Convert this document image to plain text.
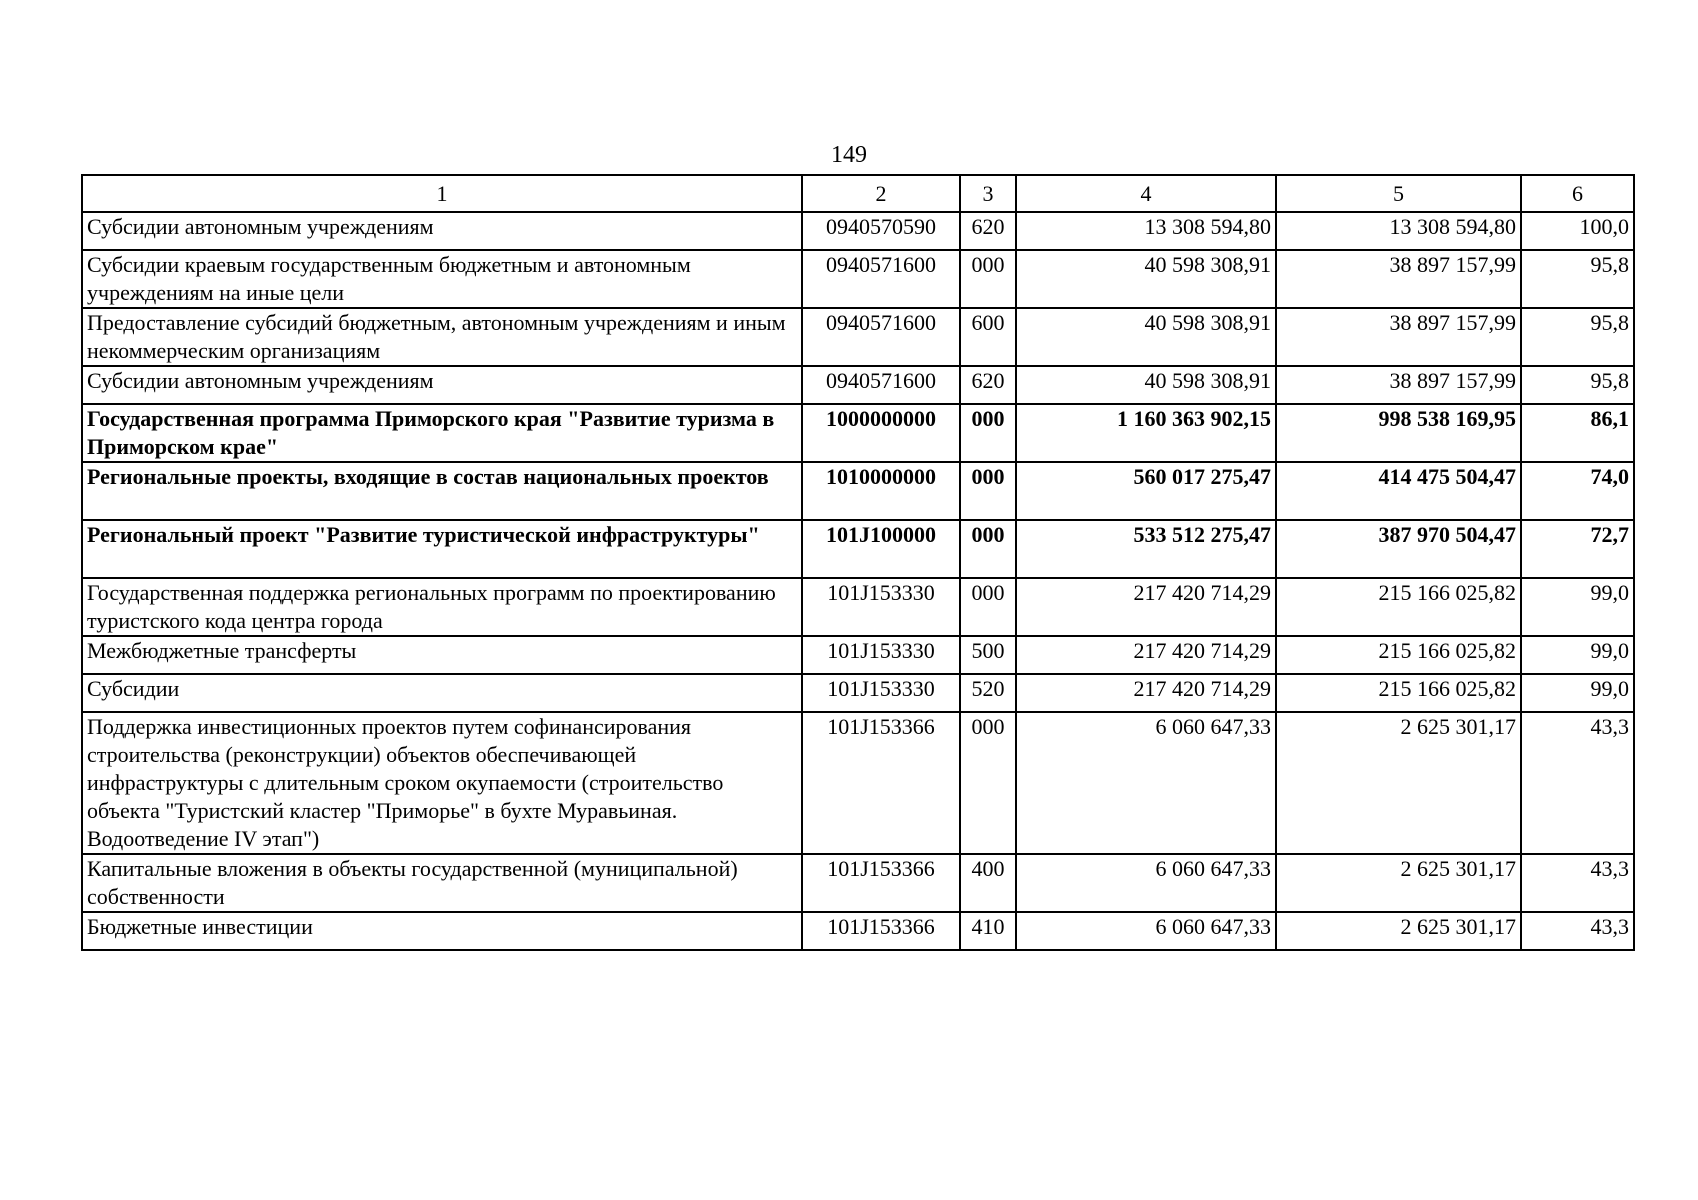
149
1	2	3	4	5	6
Субсидии автономным учреждениям	0940570590	620	13 308 594,80	13 308 594,80	100,0
Субсидии краевым государственным бюджетным и автономным учреждениям на иные цели	0940571600	000	40 598 308,91	38 897 157,99	95,8
Предоставление субсидий бюджетным, автономным учреждениям и иным некоммерческим организациям	0940571600	600	40 598 308,91	38 897 157,99	95,8
Субсидии автономным учреждениям	0940571600	620	40 598 308,91	38 897 157,99	95,8
Государственная программа Приморского края "Развитие туризма в Приморском крае"	1000000000	000	1 160 363 902,15	998 538 169,95	86,1
Региональные проекты, входящие в состав национальных проектов	1010000000	000	560 017 275,47	414 475 504,47	74,0
Региональный проект "Развитие туристической инфраструктуры"	101J100000	000	533 512 275,47	387 970 504,47	72,7
Государственная поддержка региональных программ по проектированию туристского кода центра города	101J153330	000	217 420 714,29	215 166 025,82	99,0
Межбюджетные трансферты	101J153330	500	217 420 714,29	215 166 025,82	99,0
Субсидии	101J153330	520	217 420 714,29	215 166 025,82	99,0
Поддержка инвестиционных проектов путем софинансирования строительства (реконструкции) объектов обеспечивающей инфраструктуры с длительным сроком окупаемости (строительство объекта "Туристский кластер "Приморье" в бухте Муравьиная. Водоотведение IV этап")	101J153366	000	6 060 647,33	2 625 301,17	43,3
Капитальные вложения в объекты государственной (муниципальной) собственности	101J153366	400	6 060 647,33	2 625 301,17	43,3
Бюджетные инвестиции	101J153366	410	6 060 647,33	2 625 301,17	43,3
